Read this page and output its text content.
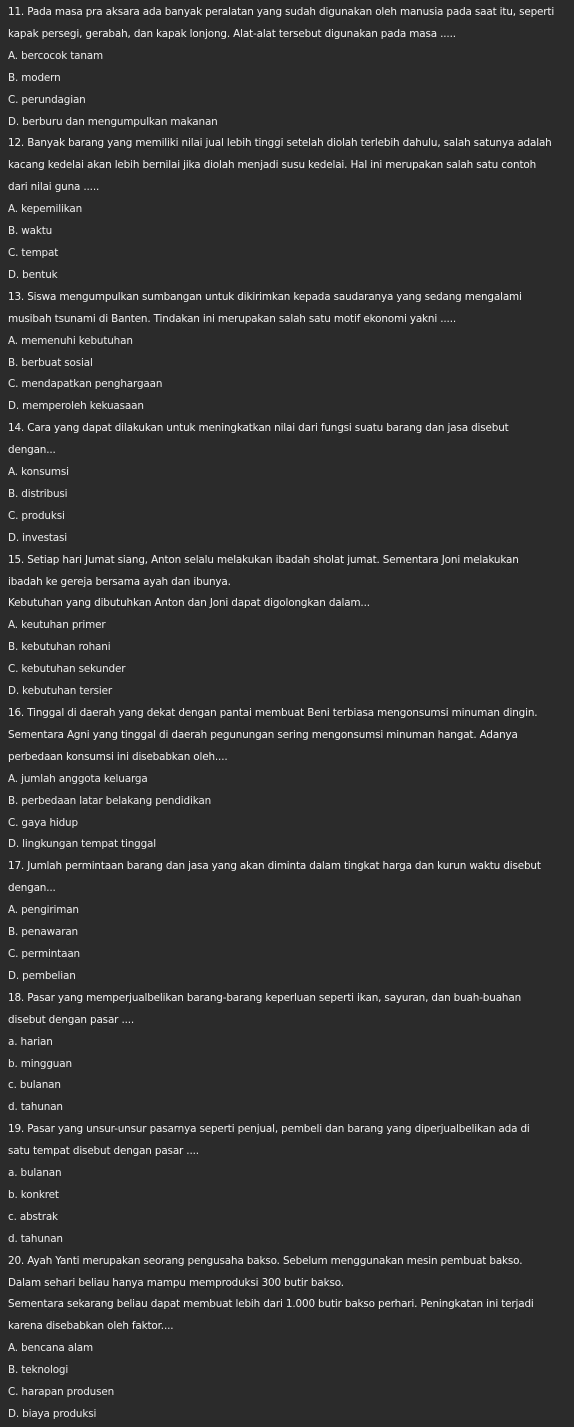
11. Pada masa pra aksara ada banyak peralatan yang sudah digunakan oleh manusia pada saat itu, seperti
kapak persegi, gerabah, dan kapak lonjong. Alat-alat tersebut digunakan pada masa .....
A. bercocok tanam
B. modern
C. perundagian
D. berburu dan mengumpulkan makanan
12. Banyak barang yang memiliki nilai jual lebih tinggi setelah diolah terlebih dahulu, salah satunya adalah
kacang kedelai akan lebih bernilai jika diolah menjadi susu kedelai. Hal ini merupakan salah satu contoh
dari nilai guna .....
A. kepemilikan
B. waktu
C. tempat
D. bentuk
13. Siswa mengumpulkan sumbangan untuk dikirimkan kepada saudaranya yang sedang mengalami
musibah tsunami di Banten. Tindakan ini merupakan salah satu motif ekonomi yakni .....
A. memenuhi kebutuhan
B. berbuat sosial
C. mendapatkan penghargaan
D. memperoleh kekuasaan
14. Cara yang dapat dilakukan untuk meningkatkan nilai dari fungsi suatu barang dan jasa disebut
dengan...
A. konsumsi
B. distribusi
C. produksi
D. investasi
15. Setiap hari Jumat siang, Anton selalu melakukan ibadah sholat jumat. Sementara Joni melakukan
ibadah ke gereja bersama ayah dan ibunya.
Kebutuhan yang dibutuhkan Anton dan Joni dapat digolongkan dalam...
A. keutuhan primer
B. kebutuhan rohani
C. kebutuhan sekunder
D. kebutuhan tersier
16. Tinggal di daerah yang dekat dengan pantai membuat Beni terbiasa mengonsumsi minuman dingin.
Sementara Agni yang tinggal di daerah pegunungan sering mengonsumsi minuman hangat. Adanya
perbedaan konsumsi ini disebabkan oleh....
A. jumlah anggota keluarga
B. perbedaan latar belakang pendidikan
C. gaya hidup
D. lingkungan tempat tinggal
17. Jumlah permintaan barang dan jasa yang akan diminta dalam tingkat harga dan kurun waktu disebut
dengan...
A. pengiriman
B. penawaran
C. permintaan
D. pembelian
18. Pasar yang memperjualbelikan barang-barang keperluan seperti ikan, sayuran, dan buah-buahan
disebut dengan pasar ....
a. harian
b. mingguan
c. bulanan
d. tahunan
19. Pasar yang unsur-unsur pasarnya seperti penjual, pembeli dan barang yang diperjualbelikan ada di
satu tempat disebut dengan pasar ....
a. bulanan
b. konkret
c. abstrak
d. tahunan
20. Ayah Yanti merupakan seorang pengusaha bakso. Sebelum menggunakan mesin pembuat bakso.
Dalam sehari beliau hanya mampu memproduksi 300 butir bakso.
Sementara sekarang beliau dapat membuat lebih dari 1.000 butir bakso perhari. Peningkatan ini terjadi
karena disebabkan oleh faktor....
A. bencana alam
B. teknologi
C. harapan produsen
D. biaya produksi
